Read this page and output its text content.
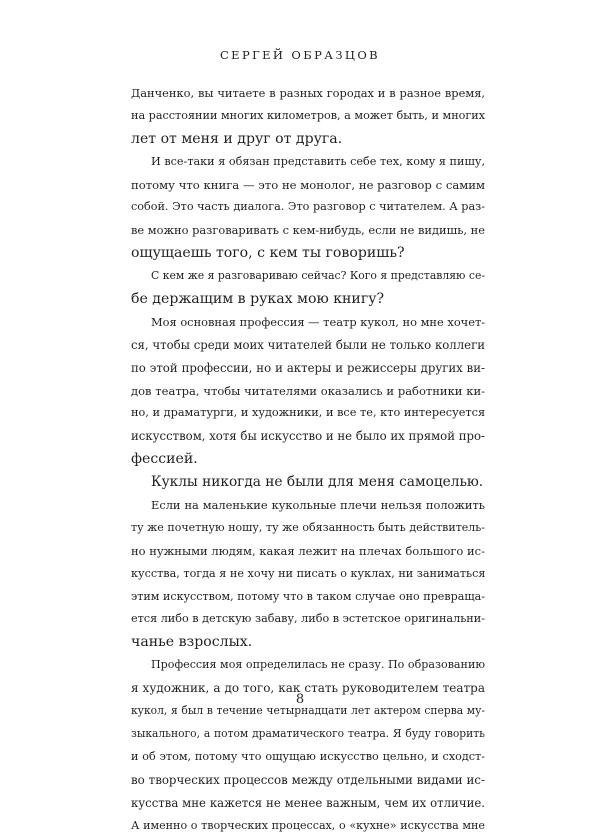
СЕРГЕЙ ОБРАЗЦОВ
Данченко, вы читаете в разных городах и в разное время,
на расстоянии многих километров, а может быть, и многих
лет от меня и друг от друга.
И все-таки я обязан представить себе тех, кому я пишу,
потому что книга — это не монолог, не разговор с самим
собой. Это часть диалога. Это разговор с читателем. А раз-
ве можно разговаривать с кем-нибудь, если не видишь, не
ощущаешь того, с кем ты говоришь?
С кем же я разговариваю сейчас? Кого я представляю се-
бе держащим в руках мою книгу?
Моя основная профессия — театр кукол, но мне хочет-
ся, чтобы среди моих читателей были не только коллеги
по этой профессии, но и актеры и режиссеры других ви-
дов театра, чтобы читателями оказались и работники ки-
но, и драматурги, и художники, и все те, кто интересуется
искусством, хотя бы искусство и не было их прямой про-
фессией.
Куклы никогда не были для меня самоцелью.
Если на маленькие кукольные плечи нельзя положить
ту же почетную ношу, ту же обязанность быть действитель-
но нужными людям, какая лежит на плечах большого ис-
кусства, тогда я не хочу ни писать о куклах, ни заниматься
этим искусством, потому что в таком случае оно превраща-
ется либо в детскую забаву, либо в эстетское оригинальни-
чанье взрослых.
Профессия моя определилась не сразу. По образованию
я художник, а до того, как стать руководителем театра
кукол, я был в течение четырнадцати лет актером сперва му-
зыкального, а потом драматического театра. Я буду говорить
и об этом, потому что ощущаю искусство цельно, и сходст-
во творческих процессов между отдельными видами ис-
кусства мне кажется не менее важным, чем их отличие.
А именно о творческих процессах, о «кухне» искусства мне
8
